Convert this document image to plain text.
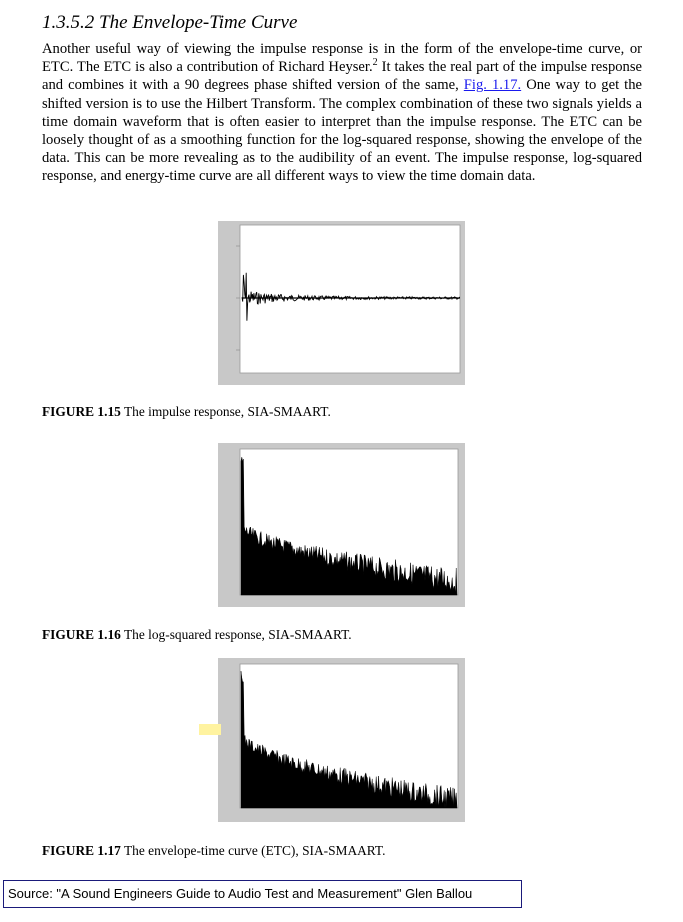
1.3.5.2 The Envelope-Time Curve

Another useful way of viewing the impulse response is in the form of the envelope-time curve, or ETC. The ETC is also a contribution of Richard Heyser.$^2$ It takes the real part of the impulse response and combines it with a 90 degrees phase shifted version of the same, Fig. 1.17. One way to get the shifted version is to use the Hilbert Transform. The complex combination of these two signals yields a time domain waveform that is often easier to interpret than the impulse response. The ETC can be loosely thought of as a smoothing function for the log-squared response, showing the envelope of the data. This can be more revealing as to the audibility of an event. The impulse response, log-squared response, and energy-time curve are all different ways to view the time domain data.

FIGURE 1.15 The impulse response, SIA-SMAART.
FIGURE 1.16 The log-squared response, SIA-SMAART.
FIGURE 1.17 The envelope-time curve (ETC), SIA-SMAART.
Source: "A Sound Engineers Guide to Audio Test and Measurement" Glen Ballou
